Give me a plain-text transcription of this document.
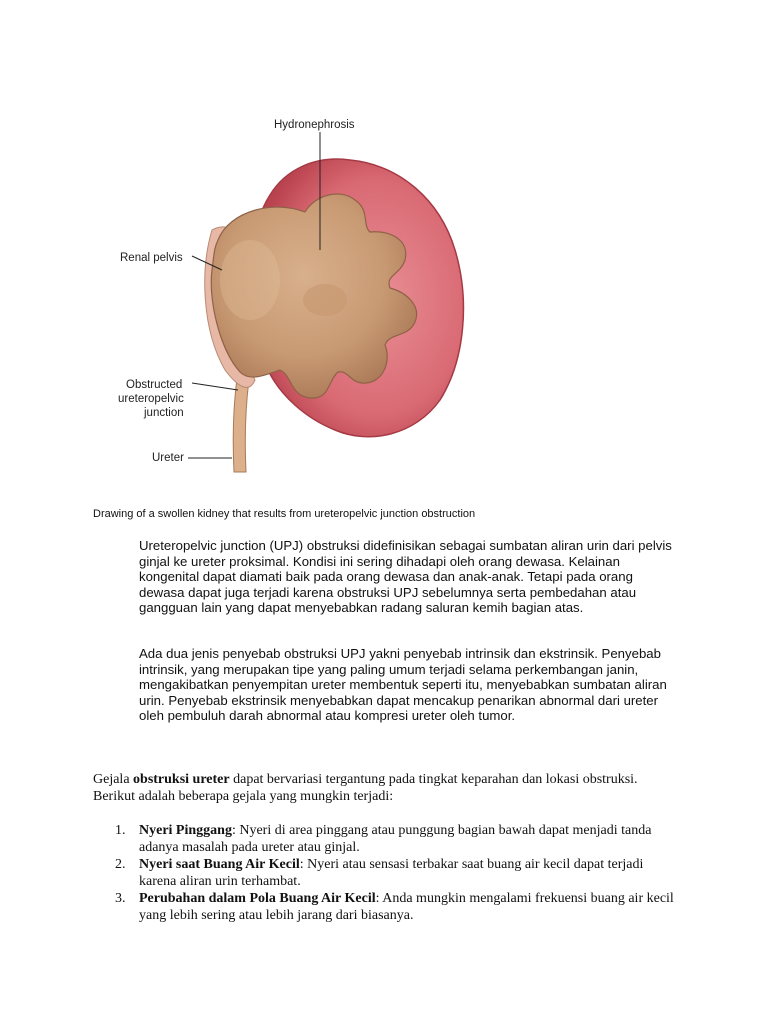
Hydronephrosis
Renal pelvis
Obstructed
ureteropelvic
junction
Ureter
Drawing of a swollen kidney that results from ureteropelvic junction obstruction
Ureteropelvic junction (UPJ) obstruksi didefinisikan sebagai sumbatan aliran urin dari pelvis ginjal ke ureter proksimal. Kondisi ini sering dihadapi oleh orang dewasa. Kelainan kongenital dapat diamati baik pada orang dewasa dan anak-anak. Tetapi pada orang dewasa dapat juga terjadi karena obstruksi UPJ sebelumnya serta pembedahan atau gangguan lain yang dapat menyebabkan radang saluran kemih bagian atas.
Ada dua jenis penyebab obstruksi UPJ yakni penyebab intrinsik dan ekstrinsik. Penyebab intrinsik, yang merupakan tipe yang paling umum terjadi selama perkembangan janin, mengakibatkan penyempitan ureter membentuk seperti itu, menyebabkan sumbatan aliran urin. Penyebab ekstrinsik menyebabkan dapat mencakup penarikan abnormal dari ureter oleh pembuluh darah abnormal atau kompresi ureter oleh tumor.
Gejala obstruksi ureter dapat bervariasi tergantung pada tingkat keparahan dan lokasi obstruksi. Berikut adalah beberapa gejala yang mungkin terjadi:
1. Nyeri Pinggang: Nyeri di area pinggang atau punggung bagian bawah dapat menjadi tanda adanya masalah pada ureter atau ginjal.
2. Nyeri saat Buang Air Kecil: Nyeri atau sensasi terbakar saat buang air kecil dapat terjadi karena aliran urin terhambat.
3. Perubahan dalam Pola Buang Air Kecil: Anda mungkin mengalami frekuensi buang air kecil yang lebih sering atau lebih jarang dari biasanya.
